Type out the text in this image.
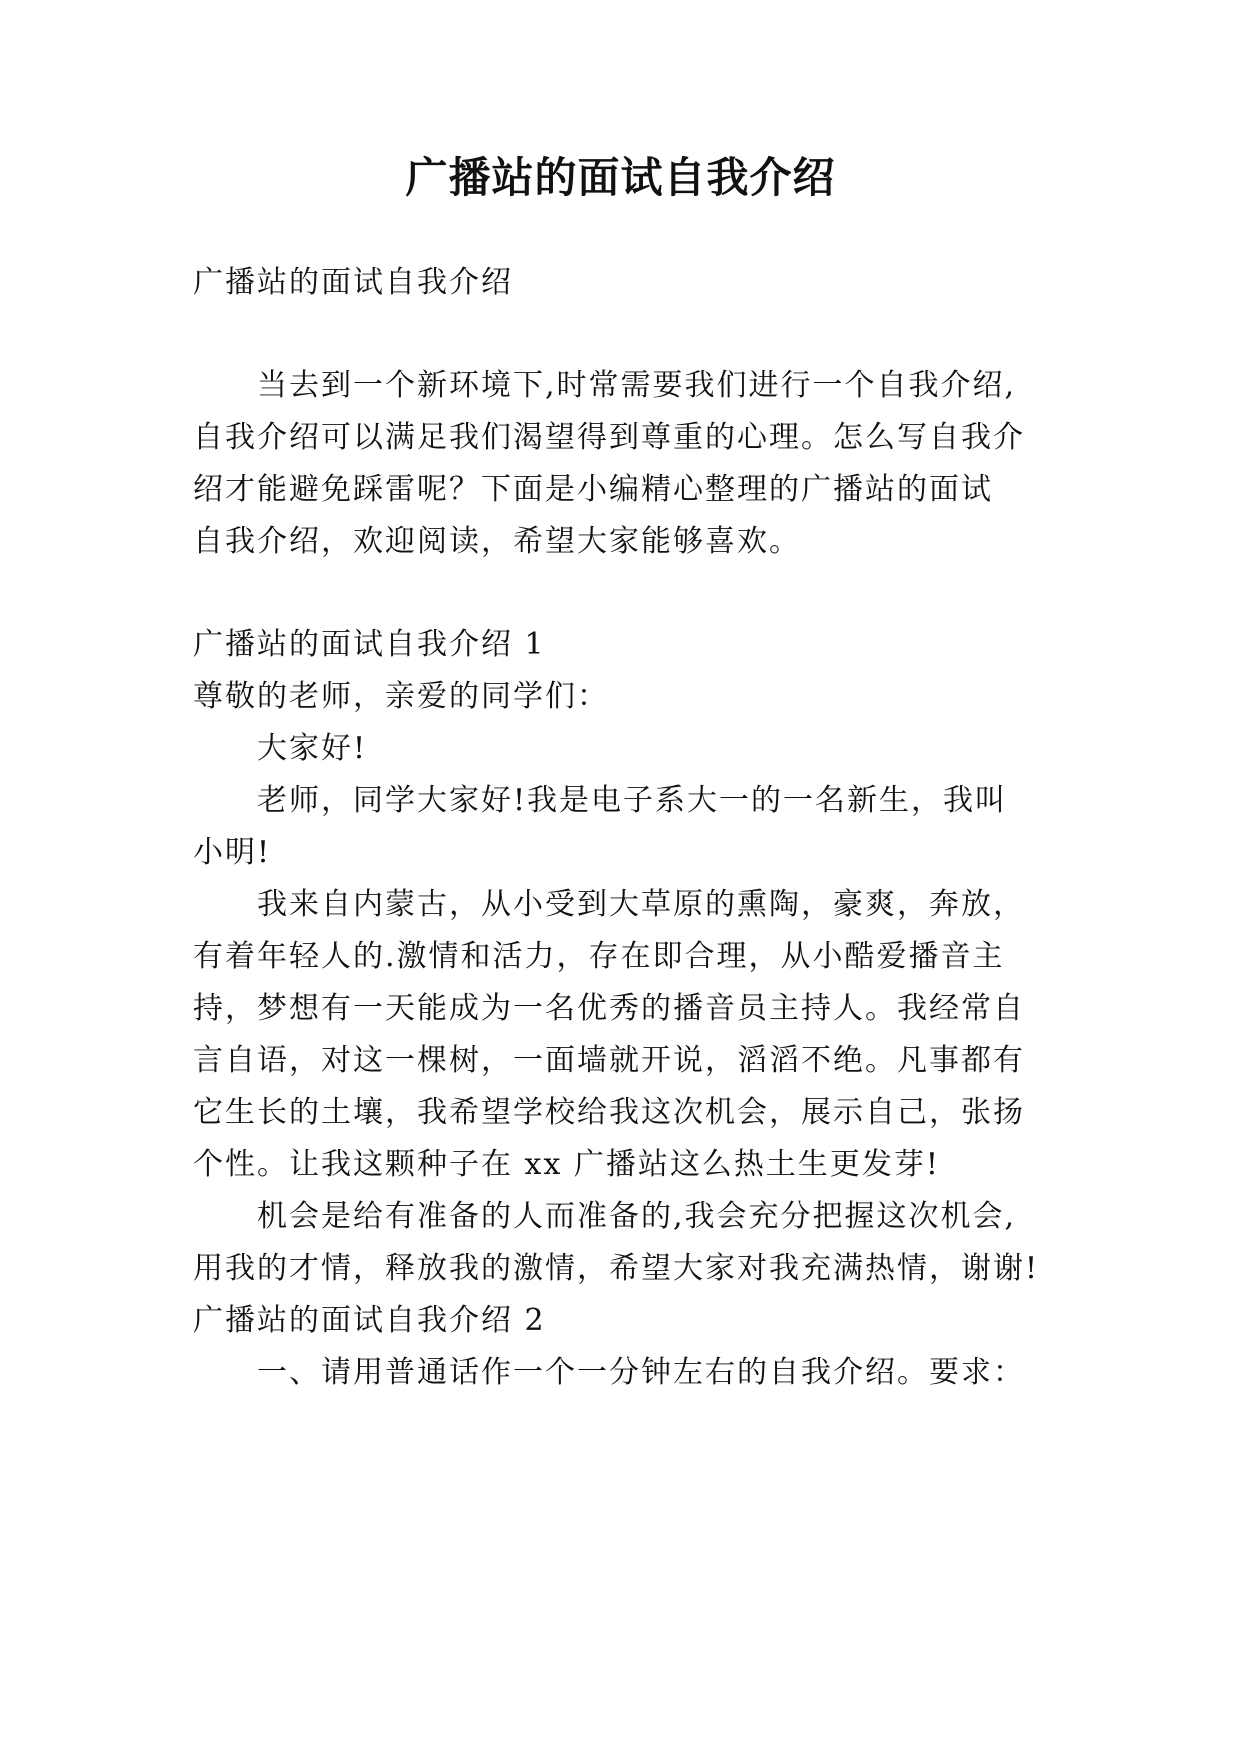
广播站的面试自我介绍
广播站的面试自我介绍
当去到一个新环境下,时常需要我们进行一个自我介绍,
自我介绍可以满足我们渴望得到尊重的心理。怎么写自我介
绍才能避免踩雷呢？下面是小编精心整理的广播站的面试
自我介绍，欢迎阅读，希望大家能够喜欢。
广播站的面试自我介绍 1
尊敬的老师，亲爱的同学们：
大家好!
老师，同学大家好!我是电子系大一的一名新生，我叫
小明!
我来自内蒙古，从小受到大草原的熏陶，豪爽，奔放，
有着年轻人的.激情和活力，存在即合理，从小酷爱播音主
持，梦想有一天能成为一名优秀的播音员主持人。我经常自
言自语，对这一棵树，一面墙就开说，滔滔不绝。凡事都有
它生长的土壤，我希望学校给我这次机会，展示自己，张扬
个性。让我这颗种子在 xx 广播站这么热土生更发芽!
机会是给有准备的人而准备的,我会充分把握这次机会,
用我的才情，释放我的激情，希望大家对我充满热情，谢谢!
广播站的面试自我介绍 2
一、请用普通话作一个一分钟左右的自我介绍。要求：
